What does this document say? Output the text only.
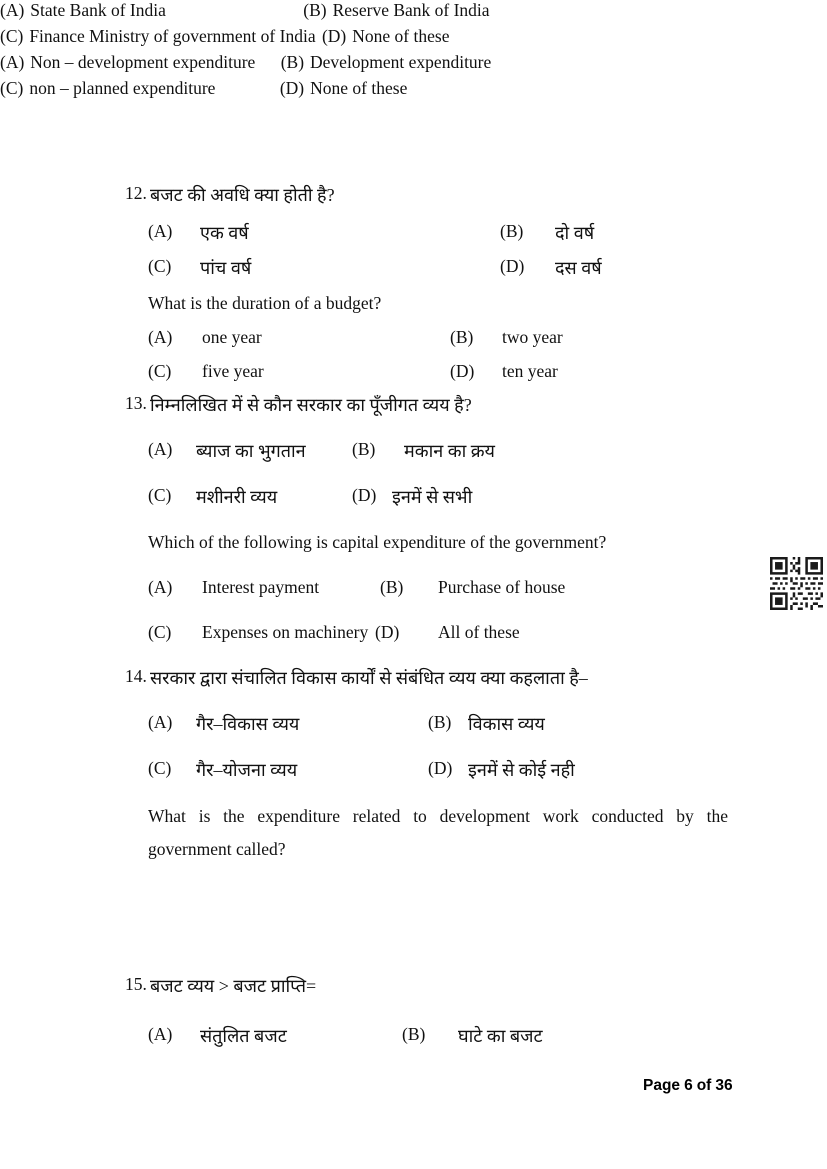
(A) State Bank of India	(B) Reserve Bank of India
(C) Finance Ministry of government of India (D) None of these
12. बजट की अवधि क्या होती है?
(A) एक वर्ष	(B) दो वर्ष
(C) पांच वर्ष	(D) दस वर्ष
What is the duration of a budget?
(A) one year	(B) two year
(C) five year	(D) ten year
13. निम्नलिखित में से कौन सरकार का पूँजीगत व्यय है?
(A) ब्याज का भुगतान	(B) मकान का क्रय
(C) मशीनरी व्यय	(D) इनमें से सभी
Which of the following is capital expenditure of the government?
(A) Interest payment	(B) Purchase of house
(C) Expenses on machinery (D) All of these
14. सरकार द्वारा संचालित विकास कार्यों से संबंधित व्यय क्या कहलाता है–
(A) गैर–विकास व्यय	(B) विकास व्यय
(C) गैर–योजना व्यय	(D) इनमें से कोई नही
What is the expenditure related to development work conducted by the
government called?
(A) Non – development expenditure (B) Development expenditure
(C) non – planned expenditure	(D) None of these
15. बजट व्यय > बजट प्राप्ति=
(A) संतुलित बजट	(B) घाटे का बजट
Page 6 of 36
